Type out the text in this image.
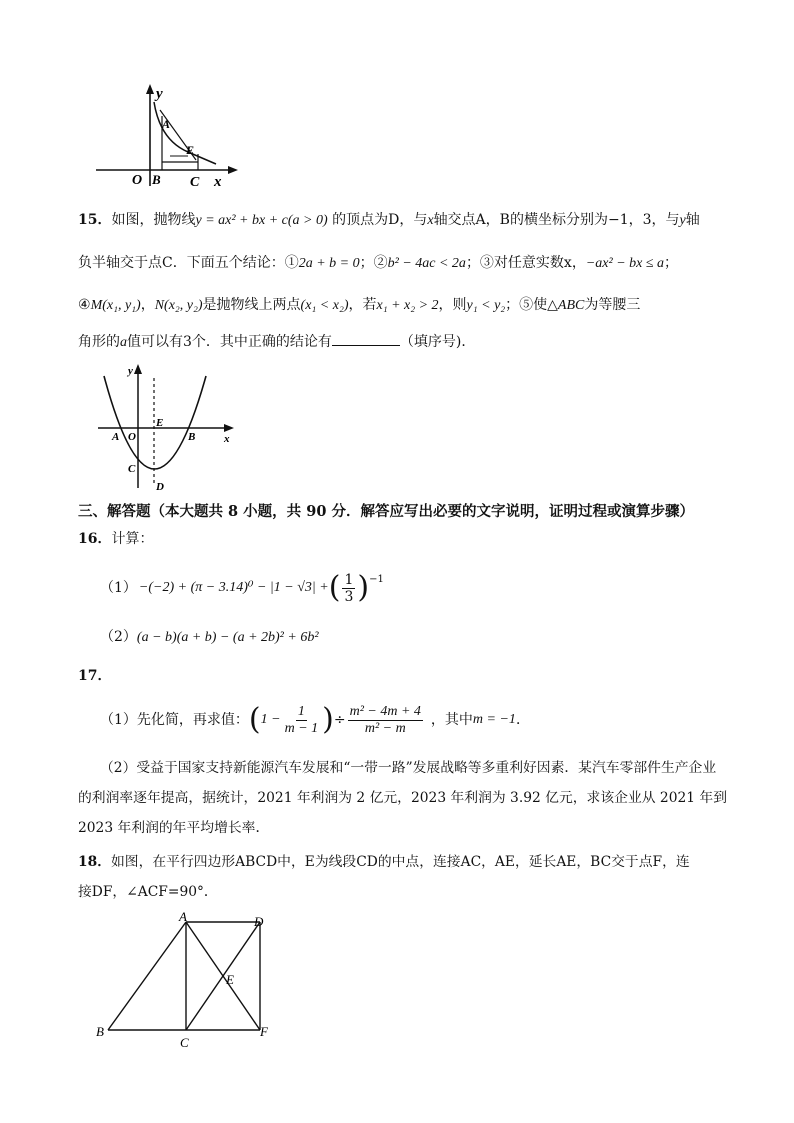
y
x
O B C
A
E
15．如图，抛物线y = ax² + bx + c(a > 0) 的顶点为D，与x轴交点A，B的横坐标分别为−1，3，与y轴
负半轴交于点C．下面五个结论：①2a + b = 0；②b² − 4ac < 2a；③对任意实数x，−ax² − bx ≤ a；
④M(x₁, y₁)，N(x₂, y₂)是抛物线上两点(x₁ < x₂)，若x₁ + x₂ > 2，则y₁ < y₂；⑤使△ABC为等腰三
角形的a值可以有3个．其中正确的结论有	（填序号)．
y
x
O
A	B
C
D
E
三、解答题（本大题共 8 小题，共 90 分．解答应写出必要的文字说明，证明过程或演算步骤）
16．计算：
（1） −(−2) + (π − 3.14)⁰ − |1 − √3| + ( $\frac{1}{3}$ ) −1
（2）(a − b)(a + b) − (a + 2b)² + 6b²
17．
（1）先化简，再求值： ( $1 - \frac{1}{m - 1}$ ) ÷ $\frac{\text{m² − 4m + 4}}{\text{m² − m}}$ ，其中 m = −1 ．
（2）受益于国家支持新能源汽车发展和“一带一路”发展战略等多重利好因素．某汽车零部件生产企业
的利润率逐年提高，据统计，2021 年利润为 2 亿元，2023 年利润为 3.92 亿元，求该企业从 2021 年到
2023 年利润的年平均增长率．
18．如图，在平行四边形ABCD中，E为线段CD的中点，连接AC，AE，延长AE，BC交于点F，连
接DF，∠ACF=90°．
A	D
E
B
C
F
